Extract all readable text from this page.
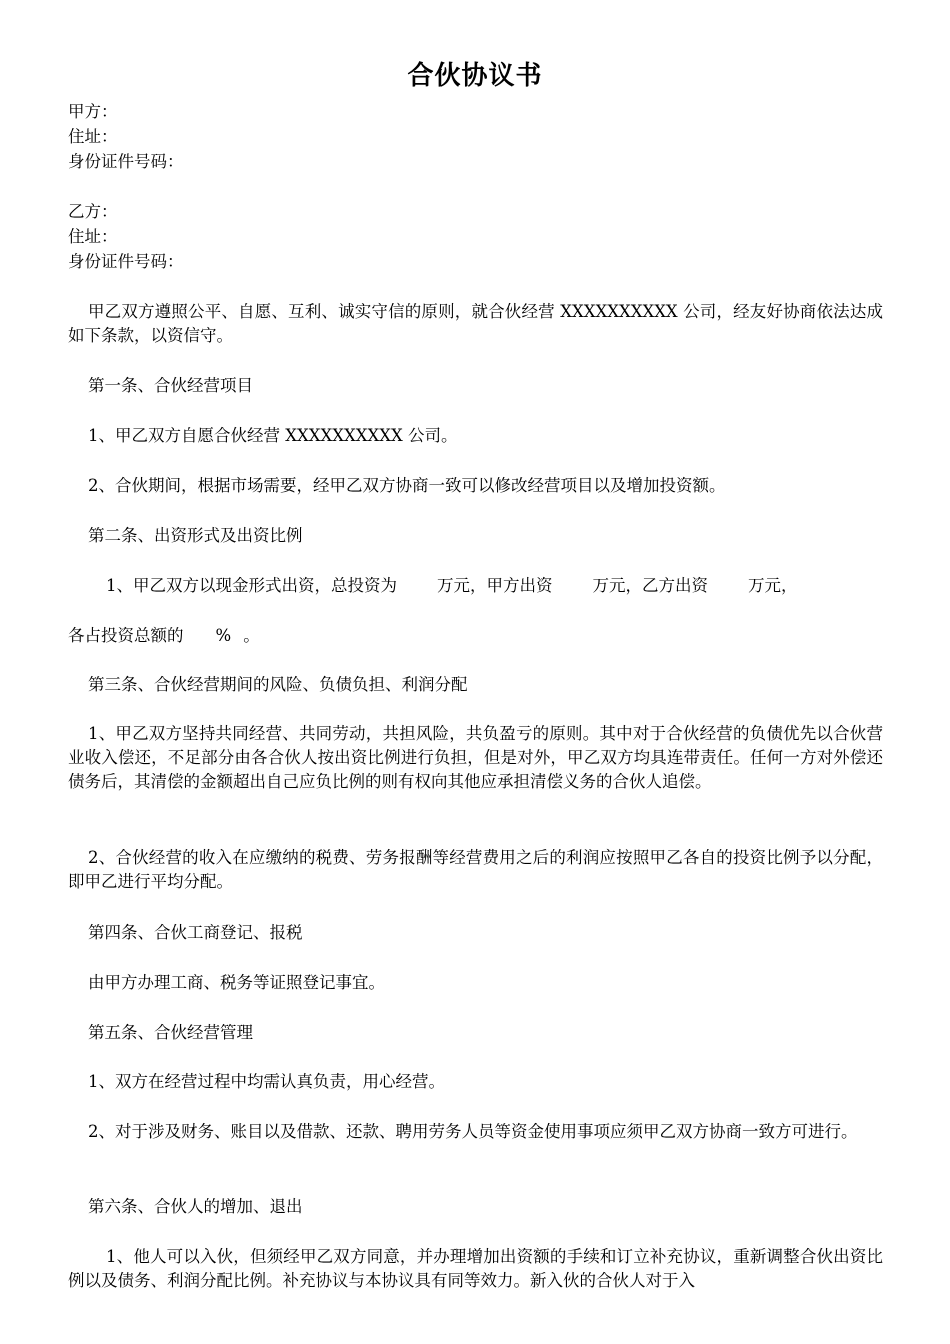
合伙协议书
甲方：
住址：
身份证件号码：
乙方：
住址：
身份证件号码：
甲乙双方遵照公平、自愿、互利、诚实守信的原则，就合伙经营 XXXXXXXXXX 公司，经友好协商依法达成如下条款，以资信守。
第一条、合伙经营项目
1、甲乙双方自愿合伙经营 XXXXXXXXXX 公司。
2、合伙期间，根据市场需要，经甲乙双方协商一致可以修改经营项目以及增加投资额。
第二条、出资形式及出资比例
1、甲乙双方以现金形式出资，总投资为 万元，甲方出资 万元，乙方出资 万元，
各占投资总额的 % 。
第三条、合伙经营期间的风险、负债负担、利润分配
1、甲乙双方坚持共同经营、共同劳动，共担风险，共负盈亏的原则。其中对于合伙经营的负债优先以合伙营业收入偿还，不足部分由各合伙人按出资比例进行负担，但是对外，甲乙双方均具连带责任。任何一方对外偿还债务后，其清偿的金额超出自己应负比例的则有权向其他应承担清偿义务的合伙人追偿。
2、合伙经营的收入在应缴纳的税费、劳务报酬等经营费用之后的利润应按照甲乙各自的投资比例予以分配，即甲乙进行平均分配。
第四条、合伙工商登记、报税
由甲方办理工商、税务等证照登记事宜。
第五条、合伙经营管理
1、双方在经营过程中均需认真负责，用心经营。
2、对于涉及财务、账目以及借款、还款、聘用劳务人员等资金使用事项应须甲乙双方协商一致方可进行。
第六条、合伙人的增加、退出
1、他人可以入伙，但须经甲乙双方同意，并办理增加出资额的手续和订立补充协议，重新调整合伙出资比例以及债务、利润分配比例。补充协议与本协议具有同等效力。新入伙的合伙人对于入
